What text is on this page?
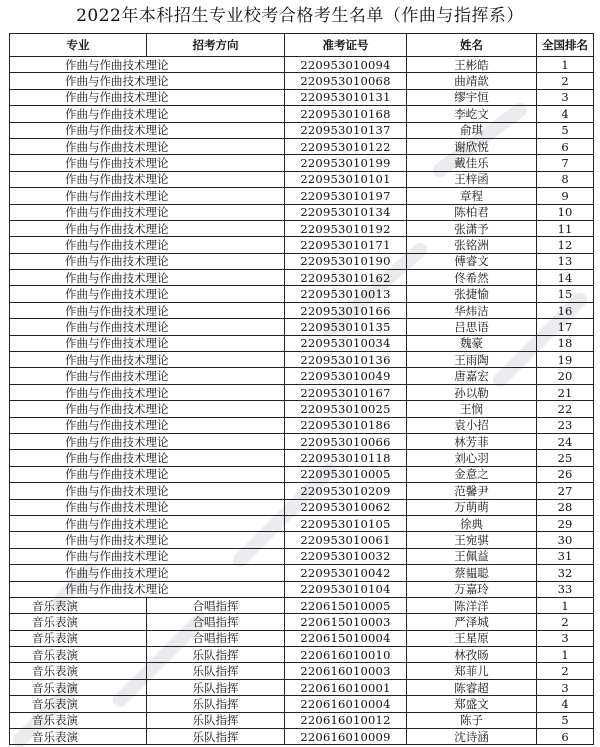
2022年本科招生专业校考合格考生名单（作曲与指挥系）
专业	招考方向	准考证号	姓名	全国排名
作曲与作曲技术理论		220953010094	王彬皓	1
作曲与作曲技术理论		220953010068	曲靖歆	2
作曲与作曲技术理论		220953010131	缪宇恒	3
作曲与作曲技术理论		220953010168	李屹文	4
作曲与作曲技术理论		220953010137	俞琪	5
作曲与作曲技术理论		220953010122	谢欣悦	6
作曲与作曲技术理论		220953010199	戴佳乐	7
作曲与作曲技术理论		220953010101	王梓函	8
作曲与作曲技术理论		220953010197	章程	9
作曲与作曲技术理论		220953010134	陈柏君	10
作曲与作曲技术理论		220953010192	张潇予	11
作曲与作曲技术理论		220953010171	张铭洲	12
作曲与作曲技术理论		220953010190	傅睿文	13
作曲与作曲技术理论		220953010162	佟希然	14
作曲与作曲技术理论		220953010013	张捷愉	15
作曲与作曲技术理论		220953010166	华炜洁	16
作曲与作曲技术理论		220953010135	吕思语	17
作曲与作曲技术理论		220953010034	魏豪	18
作曲与作曲技术理论		220953010136	王雨陶	19
作曲与作曲技术理论		220953010049	唐嘉宏	20
作曲与作曲技术理论		220953010167	孙以勒	21
作曲与作曲技术理论		220953010025	王悯	22
作曲与作曲技术理论		220953010186	袁小招	23
作曲与作曲技术理论		220953010066	林芳菲	24
作曲与作曲技术理论		220953010118	刘心羽	25
作曲与作曲技术理论		220953010005	金意之	26
作曲与作曲技术理论		220953010209	范馨尹	27
作曲与作曲技术理论		220953010062	万萌萌	28
作曲与作曲技术理论		220953010105	徐典	29
作曲与作曲技术理论		220953010061	王宛骐	30
作曲与作曲技术理论		220953010032	王佩益	31
作曲与作曲技术理论		220953010042	蔡韫聪	32
作曲与作曲技术理论		220953010104	万嘉玲	33
音乐表演	合唱指挥	220615010005	陈洋洋	1
音乐表演	合唱指挥	220615010003	严泽城	2
音乐表演	合唱指挥	220615010004	王星原	3
音乐表演	乐队指挥	220616010010	林孜旸	1
音乐表演	乐队指挥	220616010003	郑菲儿	2
音乐表演	乐队指挥	220616010001	陈睿超	3
音乐表演	乐队指挥	220616010004	郑盛文	4
音乐表演	乐队指挥	220616010012	陈子	5
音乐表演	乐队指挥	220616010009	沈诗涵	6
